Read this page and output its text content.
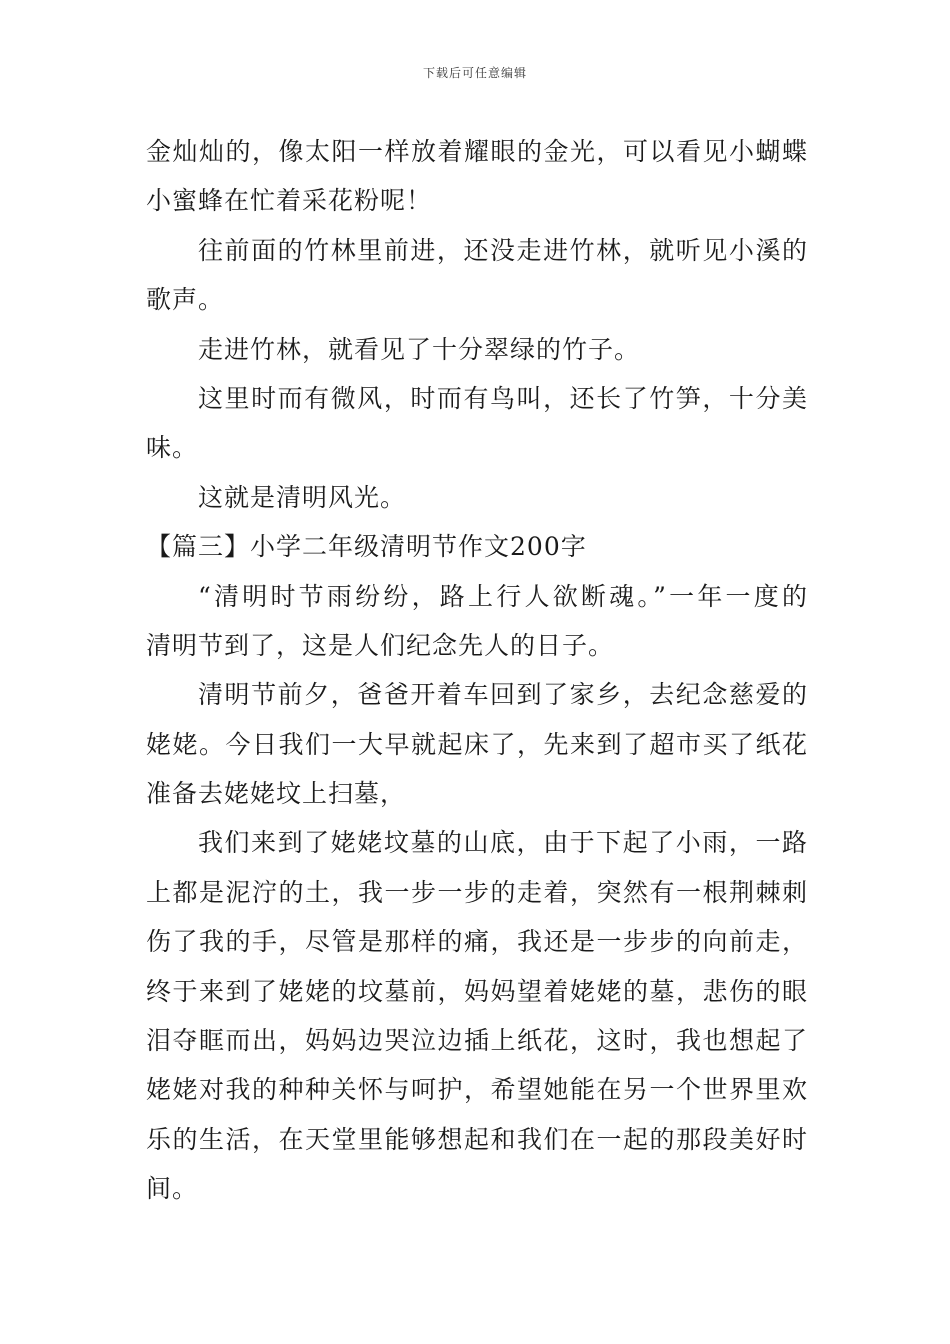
下载后可任意编辑
金灿灿的，像太阳一样放着耀眼的金光，可以看见小蝴蝶
小蜜蜂在忙着采花粉呢！
往前面的竹林里前进，还没走进竹林，就听见小溪的
歌声。
走进竹林，就看见了十分翠绿的竹子。
这里时而有微风，时而有鸟叫，还长了竹笋，十分美
味。
这就是清明风光。
【篇三】小学二年级清明节作文200字
“清明时节雨纷纷，路上行人欲断魂。”一年一度的
清明节到了，这是人们纪念先人的日子。
清明节前夕，爸爸开着车回到了家乡，去纪念慈爱的
姥姥。今日我们一大早就起床了，先来到了超市买了纸花
准备去姥姥坟上扫墓，
我们来到了姥姥坟墓的山底，由于下起了小雨，一路
上都是泥泞的土，我一步一步的走着，突然有一根荆棘刺
伤了我的手，尽管是那样的痛，我还是一步步的向前走，
终于来到了姥姥的坟墓前，妈妈望着姥姥的墓，悲伤的眼
泪夺眶而出，妈妈边哭泣边插上纸花，这时，我也想起了
姥姥对我的种种关怀与呵护，希望她能在另一个世界里欢
乐的生活，在天堂里能够想起和我们在一起的那段美好时
间。
